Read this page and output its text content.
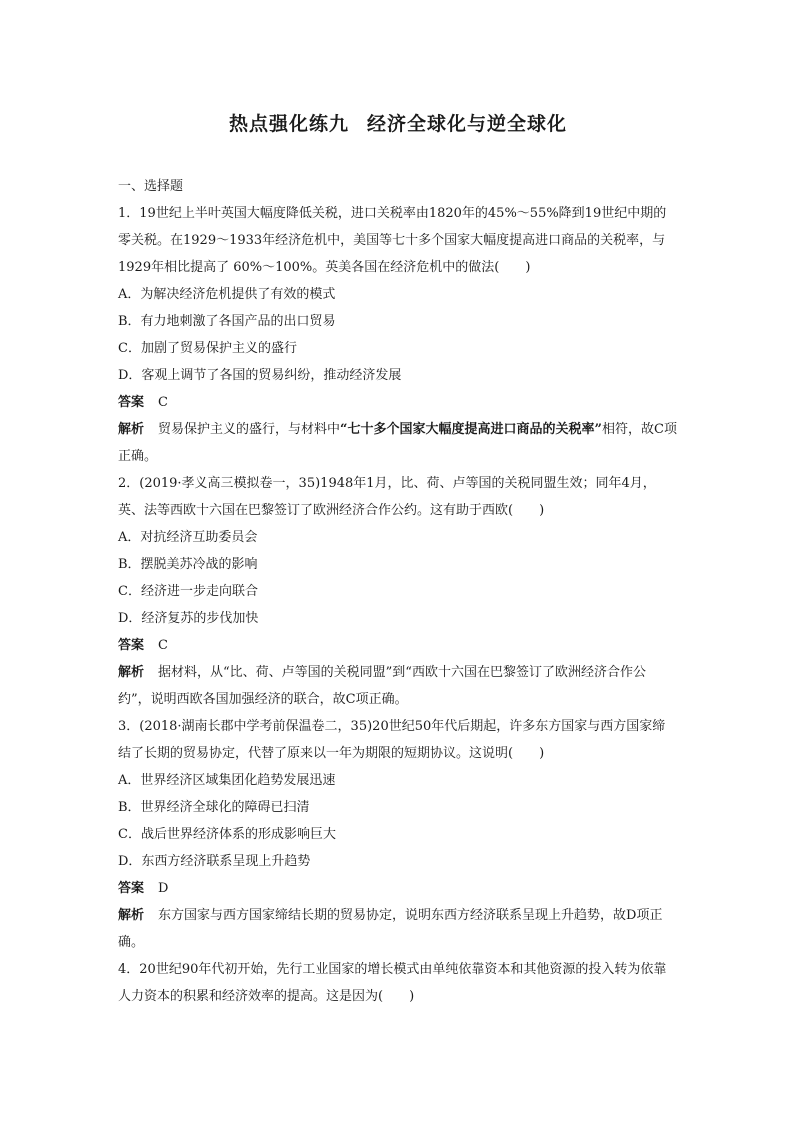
热点强化练九 经济全球化与逆全球化

一、选择题

1．19世纪上半叶英国大幅度降低关税，进口关税率由1820年的45%～55%降到19世纪中期的零关税。在1929～1933年经济危机中，美国等七十多个国家大幅度提高进口商品的关税率，与1929年相比提高了 60%～100%。英美各国在经济危机中的做法(　　)

A．为解决经济危机提供了有效的模式

B．有力地刺激了各国产品的出口贸易

C．加剧了贸易保护主义的盛行

D．客观上调节了各国的贸易纠纷，推动经济发展

答案 C

解析 贸易保护主义的盛行，与材料中“七十多个国家大幅度提高进口商品的关税率”相符，故C项正确。

2．(2019·孝义高三模拟卷一，35)1948年1月，比、荷、卢等国的关税同盟生效；同年4月，英、法等西欧十六国在巴黎签订了欧洲经济合作公约。这有助于西欧(　　)

A．对抗经济互助委员会

B．摆脱美苏冷战的影响

C．经济进一步走向联合

D．经济复苏的步伐加快

答案 C

解析 据材料，从“比、荷、卢等国的关税同盟”到“西欧十六国在巴黎签订了欧洲经济合作公约”，说明西欧各国加强经济的联合，故C项正确。

3．(2018·湖南长郡中学考前保温卷二，35)20世纪50年代后期起，许多东方国家与西方国家缔结了长期的贸易协定，代替了原来以一年为期限的短期协议。这说明(　　)

A．世界经济区域集团化趋势发展迅速

B．世界经济全球化的障碍已扫清

C．战后世界经济体系的形成影响巨大

D．东西方经济联系呈现上升趋势

答案 D

解析 东方国家与西方国家缔结长期的贸易协定，说明东西方经济联系呈现上升趋势，故D项正确。

4．20世纪90年代初开始，先行工业国家的增长模式由单纯依靠资本和其他资源的投入转为依靠人力资本的积累和经济效率的提高。这是因为(　　)
